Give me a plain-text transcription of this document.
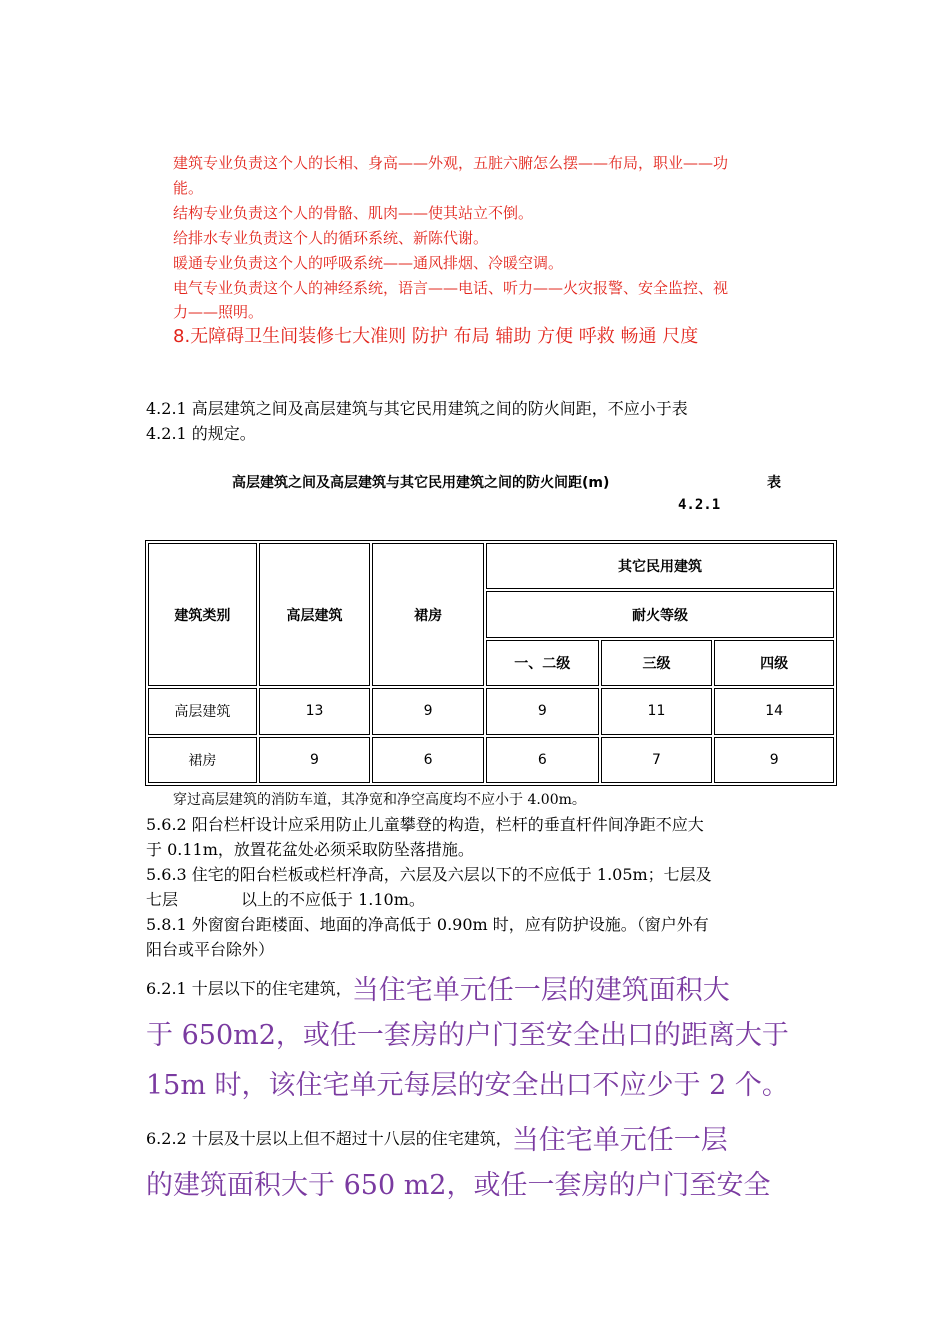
建筑专业负责这个人的长相、身高——外观，五脏六腑怎么摆——布局，职业——功
能。
结构专业负责这个人的骨骼、肌肉——使其站立不倒。
给排水专业负责这个人的循环系统、新陈代谢。
暖通专业负责这个人的呼吸系统——通风排烟、冷暖空调。
电气专业负责这个人的神经系统，语言——电话、听力——火灾报警、安全监控、视
力——照明。
8.无障碍卫生间装修七大准则 防护 布局 辅助 方便 呼救 畅通 尺度
4.2.1 高层建筑之间及高层建筑与其它民用建筑之间的防火间距，不应小于表
4.2.1 的规定。
高层建筑之间及高层建筑与其它民用建筑之间的防火间距(m)	表
4.2.1
建筑类别	高层建筑	裙房	其它民用建筑		
			耐火等级		
			一、二级	三级	四级
高层建筑	13	9	9	11	14
裙房	9	6	6	7	9
穿过高层建筑的消防车道，其净宽和净空高度均不应小于 4.00m。
5.6.2 阳台栏杆设计应采用防止儿童攀登的构造，栏杆的垂直杆件间净距不应大
于 0.11m，放置花盆处必须采取防坠落措施。
5.6.3 住宅的阳台栏板或栏杆净高，六层及六层以下的不应低于 1.05m；七层及
七层	以上的不应低于 1.10m。
5.8.1 外窗窗台距楼面、地面的净高低于 0.90m 时，应有防护设施。（窗户外有
阳台或平台除外）
6.2.1 十层以下的住宅建筑，当住宅单元任一层的建筑面积大
于 650m2，或任一套房的户门至安全出口的距离大于
15m 时，该住宅单元每层的安全出口不应少于 2 个。
6.2.2 十层及十层以上但不超过十八层的住宅建筑，当住宅单元任一层
的建筑面积大于 650 m2，或任一套房的户门至安全
